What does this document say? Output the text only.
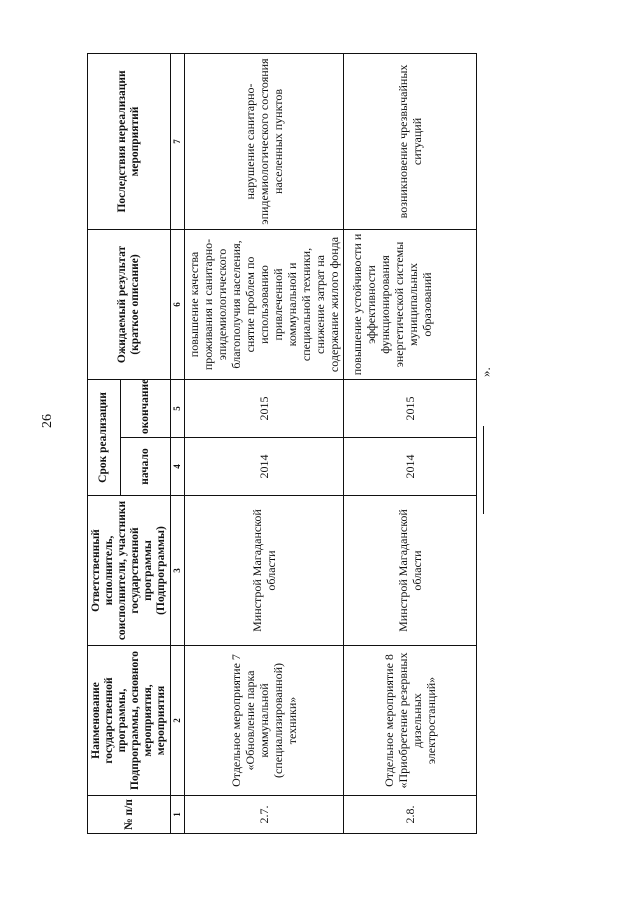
26
№ п/п	Наименование государственной программы, Подпрограммы, основного мероприятия, мероприятия	Ответственный исполнитель, соисполнители, участники государственной программы (Подпрограммы)	Срок реализации		Ожидаемый результат (краткое описание)	Последствия нереализации мероприятий
			начало	окончание		
1	2	3	4	5	6	7
2.7.	Отдельное мероприятие 7 «Обновление парка коммунальной (специализированной) техники»	Минстрой Магаданской области	2014	2015	повышение качества проживания и санитарно-эпидемиологического благополучия населения, снятие проблем по использованию привлеченной коммунальной и специальной техники, снижение затрат на содержание жилого фонда	нарушение санитарно-эпидемиологического состояния населенных пунктов
2.8.	Отдельное мероприятие 8 «Приобретение резервных дизельных электростанций»	Минстрой Магаданской области	2014	2015	повышение устойчивости и эффективности функционирования энергетической системы муниципальных образований	возникновение чрезвычайных ситуаций
».
